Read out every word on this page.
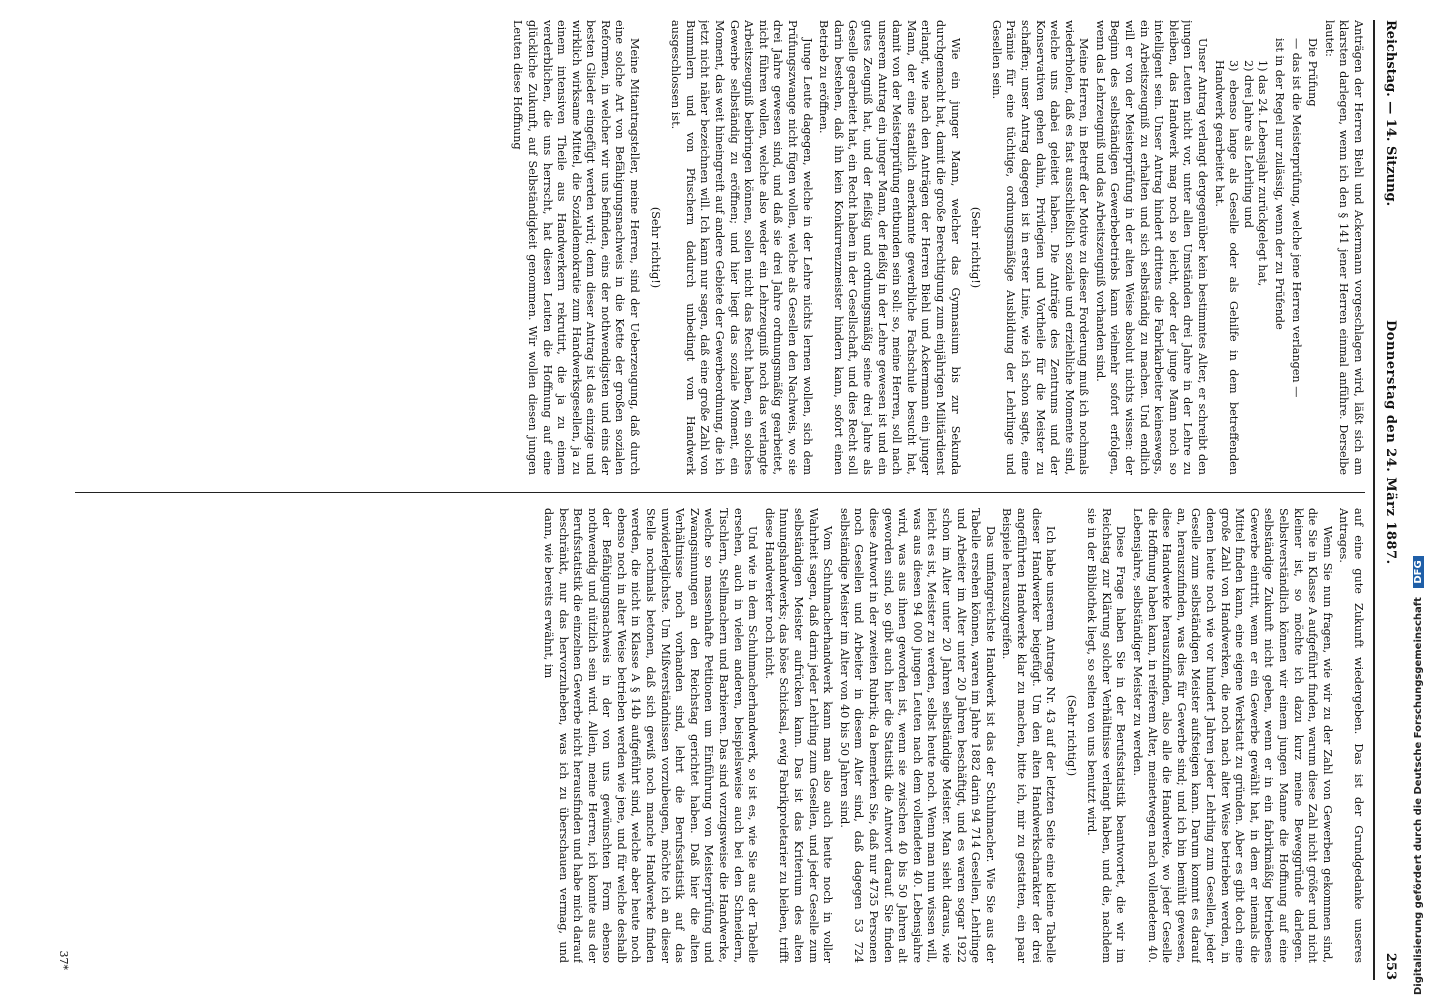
Reichstag. — 14. Sitzung.
Donnerstag den 24. März 1887.
253

Anträgen der Herren Biehl und Ackermann vorgeschlagen wird, läßt sich am klarsten darlegen, wenn ich den § 141 jener Herren einmal anführe. Derselbe lautet:

Die Prüfung

— das ist die Meisterprüfung, welche jene Herren verlangen —

ist in der Regel nur zulässig, wenn der zu Prüfende

1) das 24. Lebensjahr zurückgelegt hat,
2) drei Jahre als Lehrling und
3) ebenso lange als Geselle oder als Gehilfe in dem betreffenden Handwerk gearbeitet hat.

Unser Antrag verlangt dergegenüber kein bestimmtes Alter, er schreibt den jungen Leuten nicht vor, unter allen Umständen drei Jahre in der Lehre zu bleiben, das Handwerk mag noch so leicht, oder der junge Mann noch so intelligent sein. Unser Antrag hindert drittens die Fabrikarbeiter keineswegs, ein Arbeitszeugniß zu erhalten und sich selbständig zu machen. Und endlich will er von der Meisterprüfung in der alten Weise absolut nichts wissen: der Beginn des selbständigen Gewerbebetriebs kann vielmehr sofort erfolgen, wenn das Lehrzeugniß und das Arbeitszeugniß vorhanden sind.

Meine Herren, in Betreff der Motive zu dieser Forderung muß ich nochmals wiederholen, daß es fast ausschließlich soziale und erziehliche Momente sind, welche uns dabei geleitet haben. Die Anträge des Zentrums und der Konservativen gehen dahin, Privilegien und Vortheile für die Meister zu schaffen; unser Antrag dagegen ist in erster Linie, wie ich schon sagte, eine Prämie für eine tüchtige, ordnungsmäßige Ausbildung der Lehrlinge und Gesellen sein.

(Sehr richtig!)

Wie ein junger Mann, welcher das Gymnasium bis zur Sekunda durchgemacht hat, damit die große Berechtigung zum einjährigen Militärdienst erlangt, wie nach den Anträgen der Herren Biehl und Ackermann ein junger Mann, der eine staatlich anerkannte gewerbliche Fachschule besucht hat, damit von der Meisterprüfung entbunden sein soll: so, meine Herren, soll nach unserem Antrag ein junger Mann, der fleißig in der Lehre gewesen ist und ein gutes Zeugniß hat, und der fleißig und ordnungsmäßig seine drei Jahre als Geselle gearbeitet hat, ein Recht haben in der Gesellschaft, und dies Recht soll darin bestehen, daß ihn kein Konkurrenzmeister hindern kann, sofort einen Betrieb zu eröffnen.

Junge Leute dagegen, welche in der Lehre nichts lernen wollen, sich dem Prüfungszwange nicht fügen wollen, welche als Gesellen den Nachweis, wo sie drei Jahre gewesen sind, und daß sie drei Jahre ordnungsmäßig gearbeitet, nicht führen wollen, welche also weder ein Lehrzeugniß noch das verlangte Arbeitszeugniß beibringen können, sollen nicht das Recht haben, ein solches Gewerbe selbständig zu eröffnen; und hier liegt das soziale Moment, ein Moment, das weit hineingreift auf andere Gebiete der Gewerbeordnung, die ich jetzt nicht näher bezeichnen will. Ich kann nur sagen, daß eine große Zahl von Bummlern und von Pfuschern dadurch unbedingt vom Handwerk ausgeschlossen ist.

(Sehr richtig!)

Meine Mitantragsteller, meine Herren, sind der Ueberzeugung, daß durch eine solche Art von Befähigungsnachweis in die Kette der großen sozialen Reformen, in welcher wir uns befinden, eins der nothwendigsten und eins der besten Glieder eingefügt werden wird; denn dieser Antrag ist das einzige und wirklich wirksame Mittel, die Sozialdemokratie zum Handwerksgesellen, ja zu einem intensiven Theile aus Handwerkern rekrutirt, die ja zu einem verderblichen, die uns herrscht, hat diesen Leuten die Hoffnung auf eine glückliche Zukunft, auf Selbständigkeit genommen. Wir wollen diesen jungen Leuten diese Hoffnung

auf eine gute Zukunft wiedergeben. Das ist der Grundgedanke unseres Antrages.

Wenn Sie nun fragen, wie wir zu der Zahl von Gewerben gekommen sind, die Sie in Klasse A aufgeführt finden, warum diese Zahl nicht größer und nicht kleiner ist, so möchte ich dazu kurz meine Beweggründe darlegen. Selbstverständlich können wir einem jungen Manne die Hoffnung auf eine selbständige Zukunft nicht geben, wenn er in ein fabrikmäßig betriebenes Gewerbe eintritt, wenn er ein Gewerbe gewählt hat, in dem er niemals die Mittel finden kann, eine eigene Werkstatt zu gründen. Aber es gibt doch eine große Zahl von Handwerken, die noch nach alter Weise betrieben werden, in denen heute noch wie vor hundert Jahren jeder Lehrling zum Gesellen, jeder Geselle zum selbständigen Meister aufsteigen kann. Darum kommt es darauf an, herauszufinden, was dies für Gewerbe sind; und ich bin bemüht gewesen, diese Handwerke herauszufinden, also alle die Handwerke, wo jeder Geselle die Hoffnung haben kann, in reiferem Alter, meinetwegen nach vollendetem 40. Lebensjahre, selbständiger Meister zu werden.

Diese Frage haben Sie in der Berufsstatistik beantwortet, die wir im Reichstag zur Klärung solcher Verhältnisse verlangt haben, und die, nachdem sie in der Bibliothek liegt, so selten von uns benutzt wird.

(Sehr richtig!)

Ich habe unserem Antrage Nr. 43 auf der letzten Seite eine kleine Tabelle dieser Handwerker beigefügt. Um den alten Handwerkscharakter der drei angeführten Handwerke klar zu machen, bitte ich, mir zu gestatten, ein paar Beispiele herauszugreifen.

Das umfangreichste Handwerk ist das der Schuhmacher. Wie Sie aus der Tabelle ersehen können, waren im Jahre 1882 darin 94 714 Gesellen, Lehrlinge und Arbeiter im Alter unter 20 Jahren beschäftigt, und es waren sogar 1922 schon im Alter unter 20 Jahren selbständige Meister. Man sieht daraus, wie leicht es ist, Meister zu werden, selbst heute noch. Wenn man nun wissen will, was aus diesen 94 000 jungen Leuten nach dem vollendeten 40. Lebensjahre wird, was aus ihnen geworden ist, wenn sie zwischen 40 bis 50 Jahren alt geworden sind, so gibt auch hier die Statistik die Antwort darauf. Sie finden diese Antwort in der zweiten Rubrik; da bemerken Sie, daß nur 4735 Personen noch Gesellen und Arbeiter in diesem Alter sind, daß dagegen 53 724 selbständige Meister im Alter von 40 bis 50 Jahren sind.

Vom Schuhmacherhandwerk kann man also auch heute noch in voller Wahrheit sagen, daß darin jeder Lehrling zum Gesellen, und jeder Geselle zum selbständigen Meister aufrücken kann. Das ist das Kriterium des alten Innungshandwerks; das böse Schicksal, ewig Fabrikproletarier zu bleiben, trifft diese Handwerker noch nicht.

Und wie in dem Schuhmacherhandwerk, so ist es, wie Sie aus der Tabelle ersehen, auch in vielen anderen, beispielsweise auch bei den Schneidern, Tischlern, Stellmachern und Barbieren. Das sind vorzugsweise die Handwerke, welche so massenhafte Petitionen um Einführung von Meisterprüfung und Zwangsinnungen an den Reichstag gerichtet haben. Daß hier die alten Verhältnisse noch vorhanden sind, lehrt die Berufsstatistik auf das unwiderleglichste. Um Mißverständnissen vorzubeugen, möchte ich an dieser Stelle nochmals betonen, daß sich gewiß noch manche Handwerke finden werden, die nicht in Klasse A § 14b aufgeführt sind, welche aber heute noch ebenso noch in alter Weise betrieben werden wie jene, und für welche deshalb der Befähigungsnachweis in der von uns gewünschten Form ebenso nothwendig und nützlich sein wird. Allein, meine Herren, ich konnte aus der Berufsstatistik die einzelnen Gewerbe nicht herausfinden und habe mich darauf beschränkt, nur das hervorzuheben, was ich zu überschauen vermag, und dann, wie bereits erwähnt, im

37*	Digitalisierung gefördert durch die Deutsche Forschungsgemeinschaft DFG
